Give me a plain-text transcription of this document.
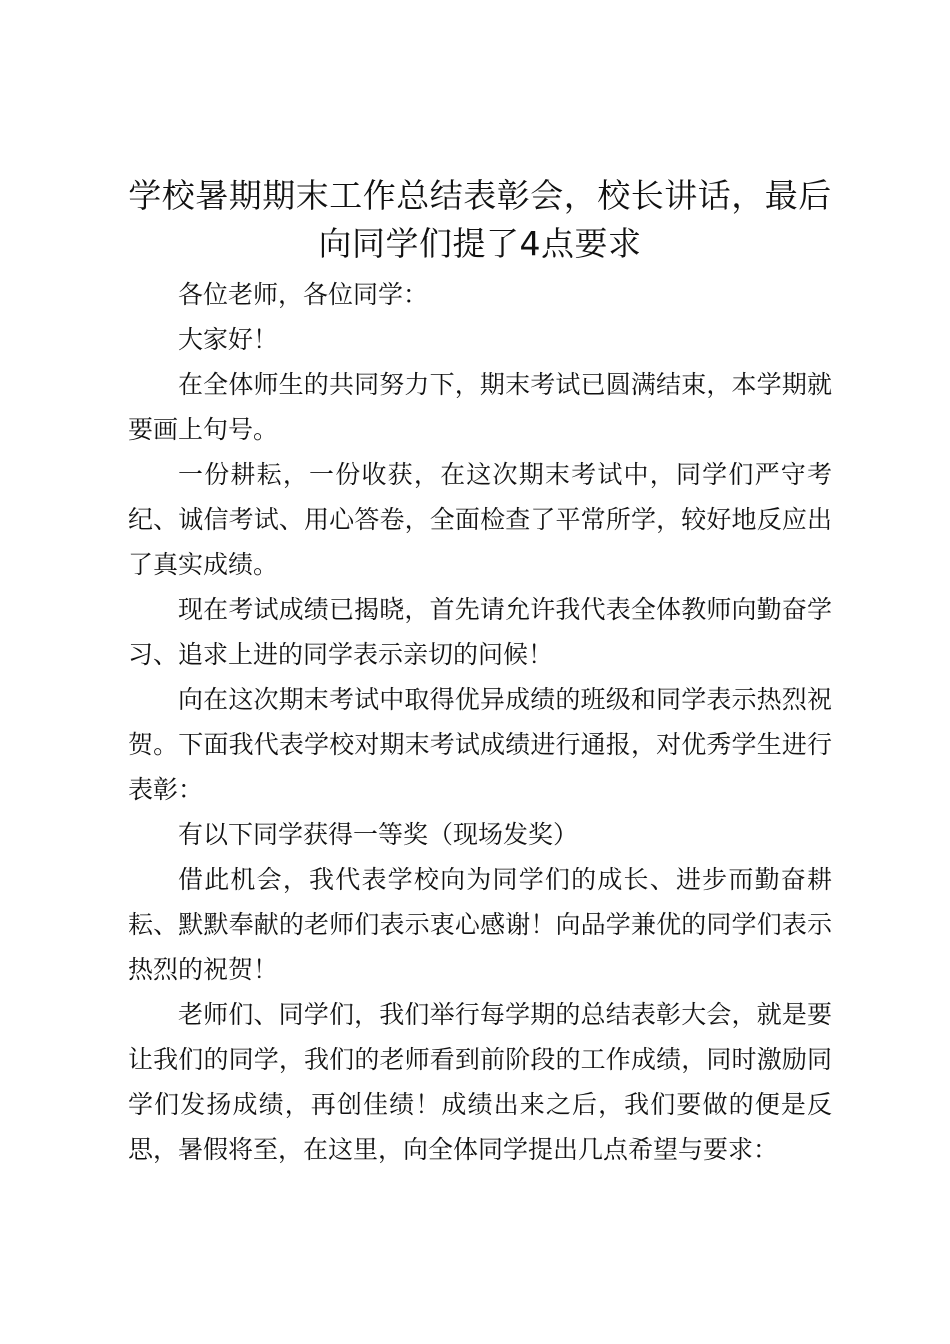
学校暑期期末工作总结表彰会，校长讲话，最后向同学们提了4点要求

各位老师，各位同学：

大家好！

在全体师生的共同努力下，期末考试已圆满结束，本学期就要画上句号。

一份耕耘，一份收获，在这次期末考试中，同学们严守考纪、诚信考试、用心答卷，全面检查了平常所学，较好地反应出了真实成绩。

现在考试成绩已揭晓，首先请允许我代表全体教师向勤奋学习、追求上进的同学表示亲切的问候！

向在这次期末考试中取得优异成绩的班级和同学表示热烈祝贺。下面我代表学校对期末考试成绩进行通报，对优秀学生进行表彰：

有以下同学获得一等奖（现场发奖）

借此机会，我代表学校向为同学们的成长、进步而勤奋耕耘、默默奉献的老师们表示衷心感谢！向品学兼优的同学们表示热烈的祝贺！

老师们、同学们，我们举行每学期的总结表彰大会，就是要让我们的同学，我们的老师看到前阶段的工作成绩，同时激励同学们发扬成绩，再创佳绩！成绩出来之后，我们要做的便是反思，暑假将至，在这里，向全体同学提出几点希望与要求：
